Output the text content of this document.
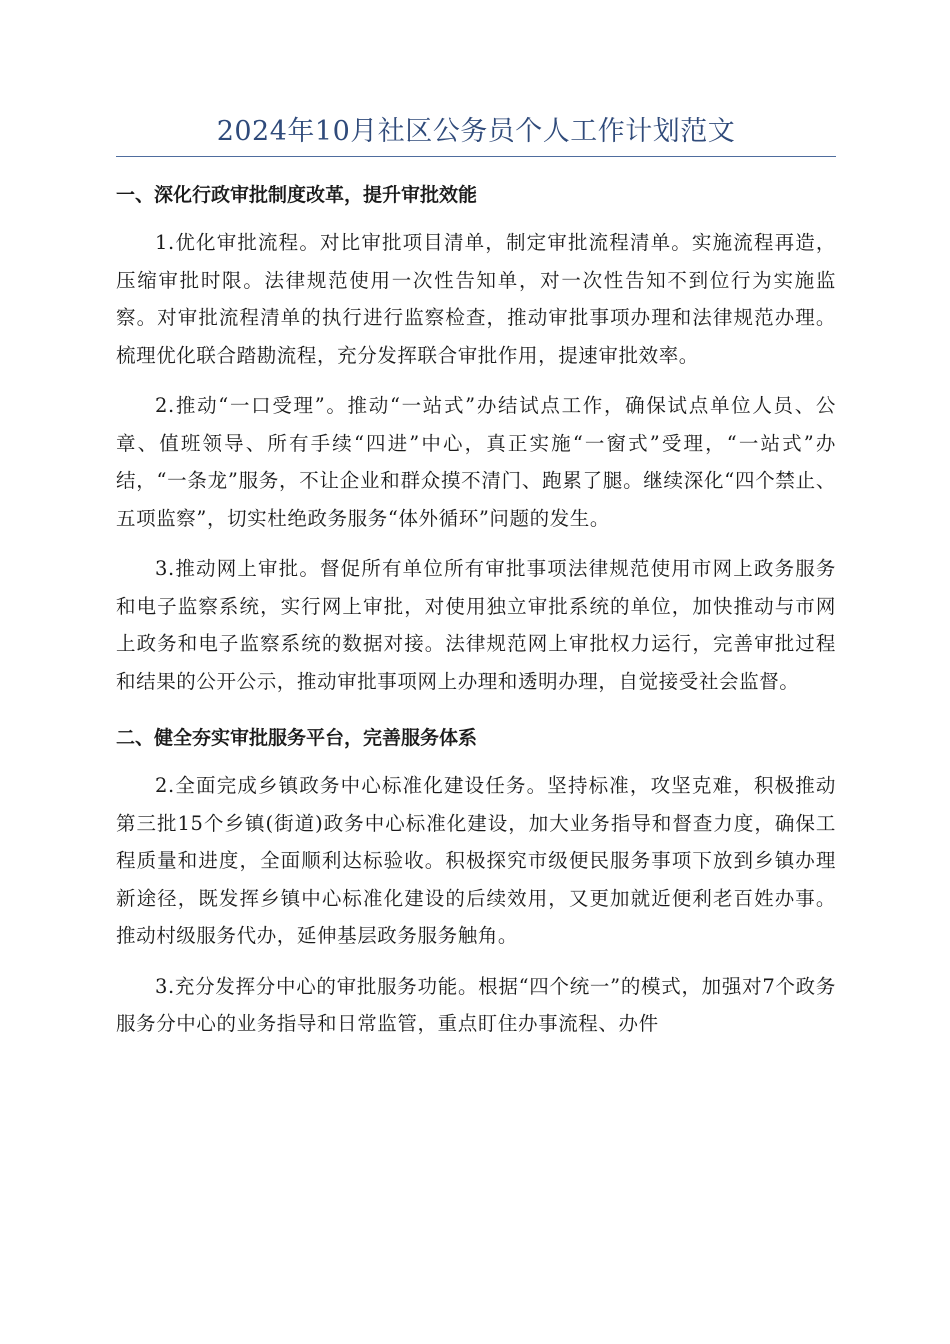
2024年10月社区公务员个人工作计划范文
一、深化行政审批制度改革，提升审批效能

1.优化审批流程。对比审批项目清单，制定审批流程清单。实施流程再造，压缩审批时限。法律规范使用一次性告知单，对一次性告知不到位行为实施监察。对审批流程清单的执行进行监察检查，推动审批事项办理和法律规范办理。梳理优化联合踏勘流程，充分发挥联合审批作用，提速审批效率。

2.推动“一口受理”。推动“一站式”办结试点工作，确保试点单位人员、公章、值班领导、所有手续“四进”中心，真正实施“一窗式”受理，“一站式”办结，“一条龙”服务，不让企业和群众摸不清门、跑累了腿。继续深化“四个禁止、五项监察”，切实杜绝政务服务“体外循环”问题的发生。

3.推动网上审批。督促所有单位所有审批事项法律规范使用市网上政务服务和电子监察系统，实行网上审批，对使用独立审批系统的单位，加快推动与市网上政务和电子监察系统的数据对接。法律规范网上审批权力运行，完善审批过程和结果的公开公示，推动审批事项网上办理和透明办理，自觉接受社会监督。

二、健全夯实审批服务平台，完善服务体系

2.全面完成乡镇政务中心标准化建设任务。坚持标准，攻坚克难，积极推动第三批15个乡镇(街道)政务中心标准化建设，加大业务指导和督查力度，确保工程质量和进度，全面顺利达标验收。积极探究市级便民服务事项下放到乡镇办理新途径，既发挥乡镇中心标准化建设的后续效用，又更加就近便利老百姓办事。推动村级服务代办，延伸基层政务服务触角。

3.充分发挥分中心的审批服务功能。根据“四个统一”的模式，加强对7个政务服务分中心的业务指导和日常监管，重点盯住办事流程、办件
